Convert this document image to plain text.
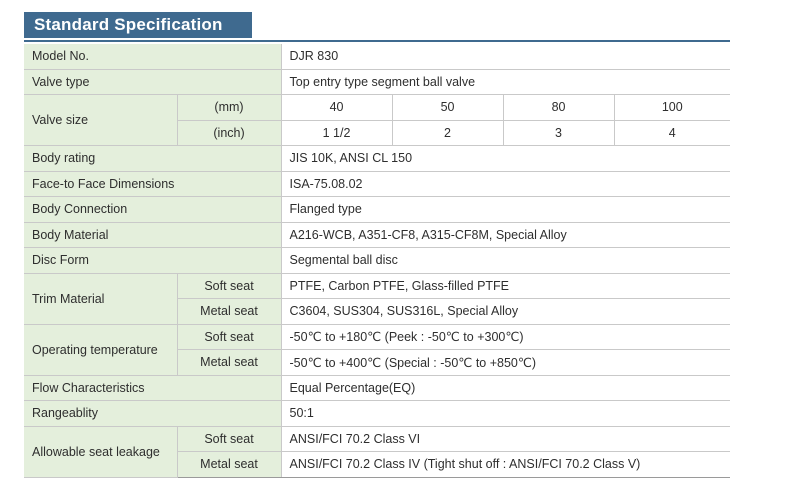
Standard Specification
Model No.		DJR 830			
Valve type		Top entry type segment ball valve			
Valve size	(mm)	40	50	80	100
	(inch)	1 1/2	2	3	4
Body rating		JIS 10K, ANSI CL 150			
Face-to Face Dimensions		ISA-75.08.02			
Body Connection		Flanged type			
Body Material		A216-WCB, A351-CF8, A315-CF8M, Special Alloy			
Disc Form		Segmental ball disc			
Trim Material	Soft seat	PTFE, Carbon PTFE, Glass-filled PTFE			
	Metal seat	C3604, SUS304, SUS316L, Special Alloy			
Operating temperature	Soft seat	-50℃ to +180℃ (Peek : -50℃ to +300℃)			
	Metal seat	-50℃ to +400℃ (Special : -50℃ to +850℃)			
Flow Characteristics		Equal Percentage(EQ)			
Rangeablity		50:1			
Allowable seat leakage	Soft seat	ANSI/FCI 70.2 Class VI			
	Metal seat	ANSI/FCI 70.2 Class IV (Tight shut off : ANSI/FCI 70.2 Class V)			
